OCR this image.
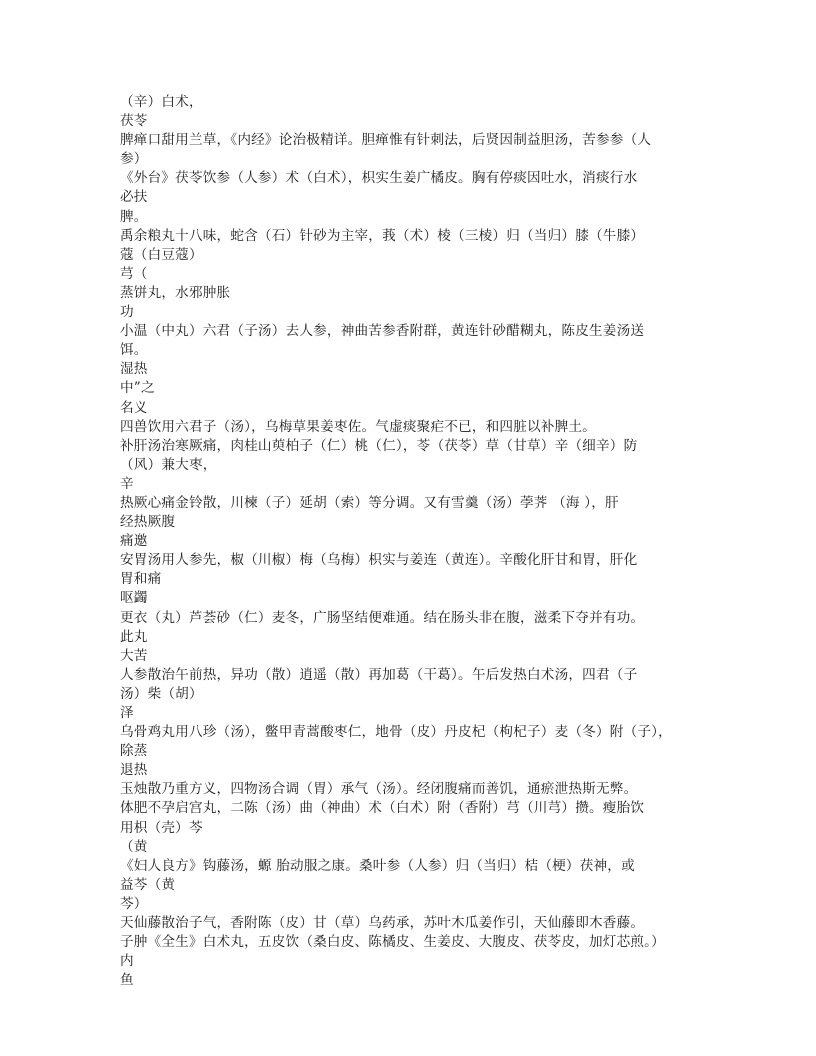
（辛）白术，
茯苓
脾瘅口甜用兰草，《内经》论治极精详。胆瘅惟有针刺法，后贤因制益胆汤，苦参参（人
参）
《外台》茯苓饮参（人参）术（白术），枳实生姜广橘皮。胸有停痰因吐水，消痰行水
必扶
脾。
禹余粮丸十八味，蛇含（石）针砂为主宰，莪（术）棱（三棱）归（当归）膝（牛膝）
蔻（白豆蔻）
芎（
蒸饼丸，水邪肿胀
功
小温（中丸）六君（子汤）去人参，神曲苦参香附群，黄连针砂醋糊丸，陈皮生姜汤送
饵。
湿热
中”之
名义
四兽饮用六君子（汤），乌梅草果姜枣佐。气虚痰聚疟不已，和四脏以补脾土。
补肝汤治寒厥痛，肉桂山萸柏子（仁）桃（仁），苓（茯苓）草（甘草）辛（细辛）防
（风）兼大枣，
辛
热厥心痛金铃散，川楝（子）延胡（索）等分调。又有雪羹（汤）荸荠 （海 ），肝
经热厥腹
痛邀
安胃汤用人参先，椒（川椒）梅（乌梅）枳实与姜连（黄连）。辛酸化肝甘和胃，肝化
胃和痛
呕蠲
更衣（丸）芦荟砂（仁）麦冬，广肠坚结便难通。结在肠头非在腹，滋柔下夺并有功。
此丸
大苦
人参散治午前热，异功（散）逍遥（散）再加葛（干葛）。午后发热白术汤，四君（子
汤）柴（胡）
泽
乌骨鸡丸用八珍（汤），鳖甲青蒿酸枣仁，地骨（皮）丹皮杞（枸杞子）麦（冬）附（子），
除蒸
退热
玉烛散乃重方义，四物汤合调（胃）承气（汤）。经闭腹痛而善饥，通瘀泄热斯无弊。
体肥不孕启宫丸，二陈（汤）曲（神曲）术（白术）附（香附）芎（川芎）攒。瘦胎饮
用枳（壳）芩
（黄
《妇人良方》钩藤汤，螈 胎动服之康。桑叶参（人参）归（当归）桔（梗）茯神，或
益芩（黄
芩）
天仙藤散治子气，香附陈（皮）甘（草）乌药承，苏叶木瓜姜作引，天仙藤即木香藤。
子肿《全生》白术丸，五皮饮（桑白皮、陈橘皮、生姜皮、大腹皮、茯苓皮，加灯芯煎。）
内
鱼
